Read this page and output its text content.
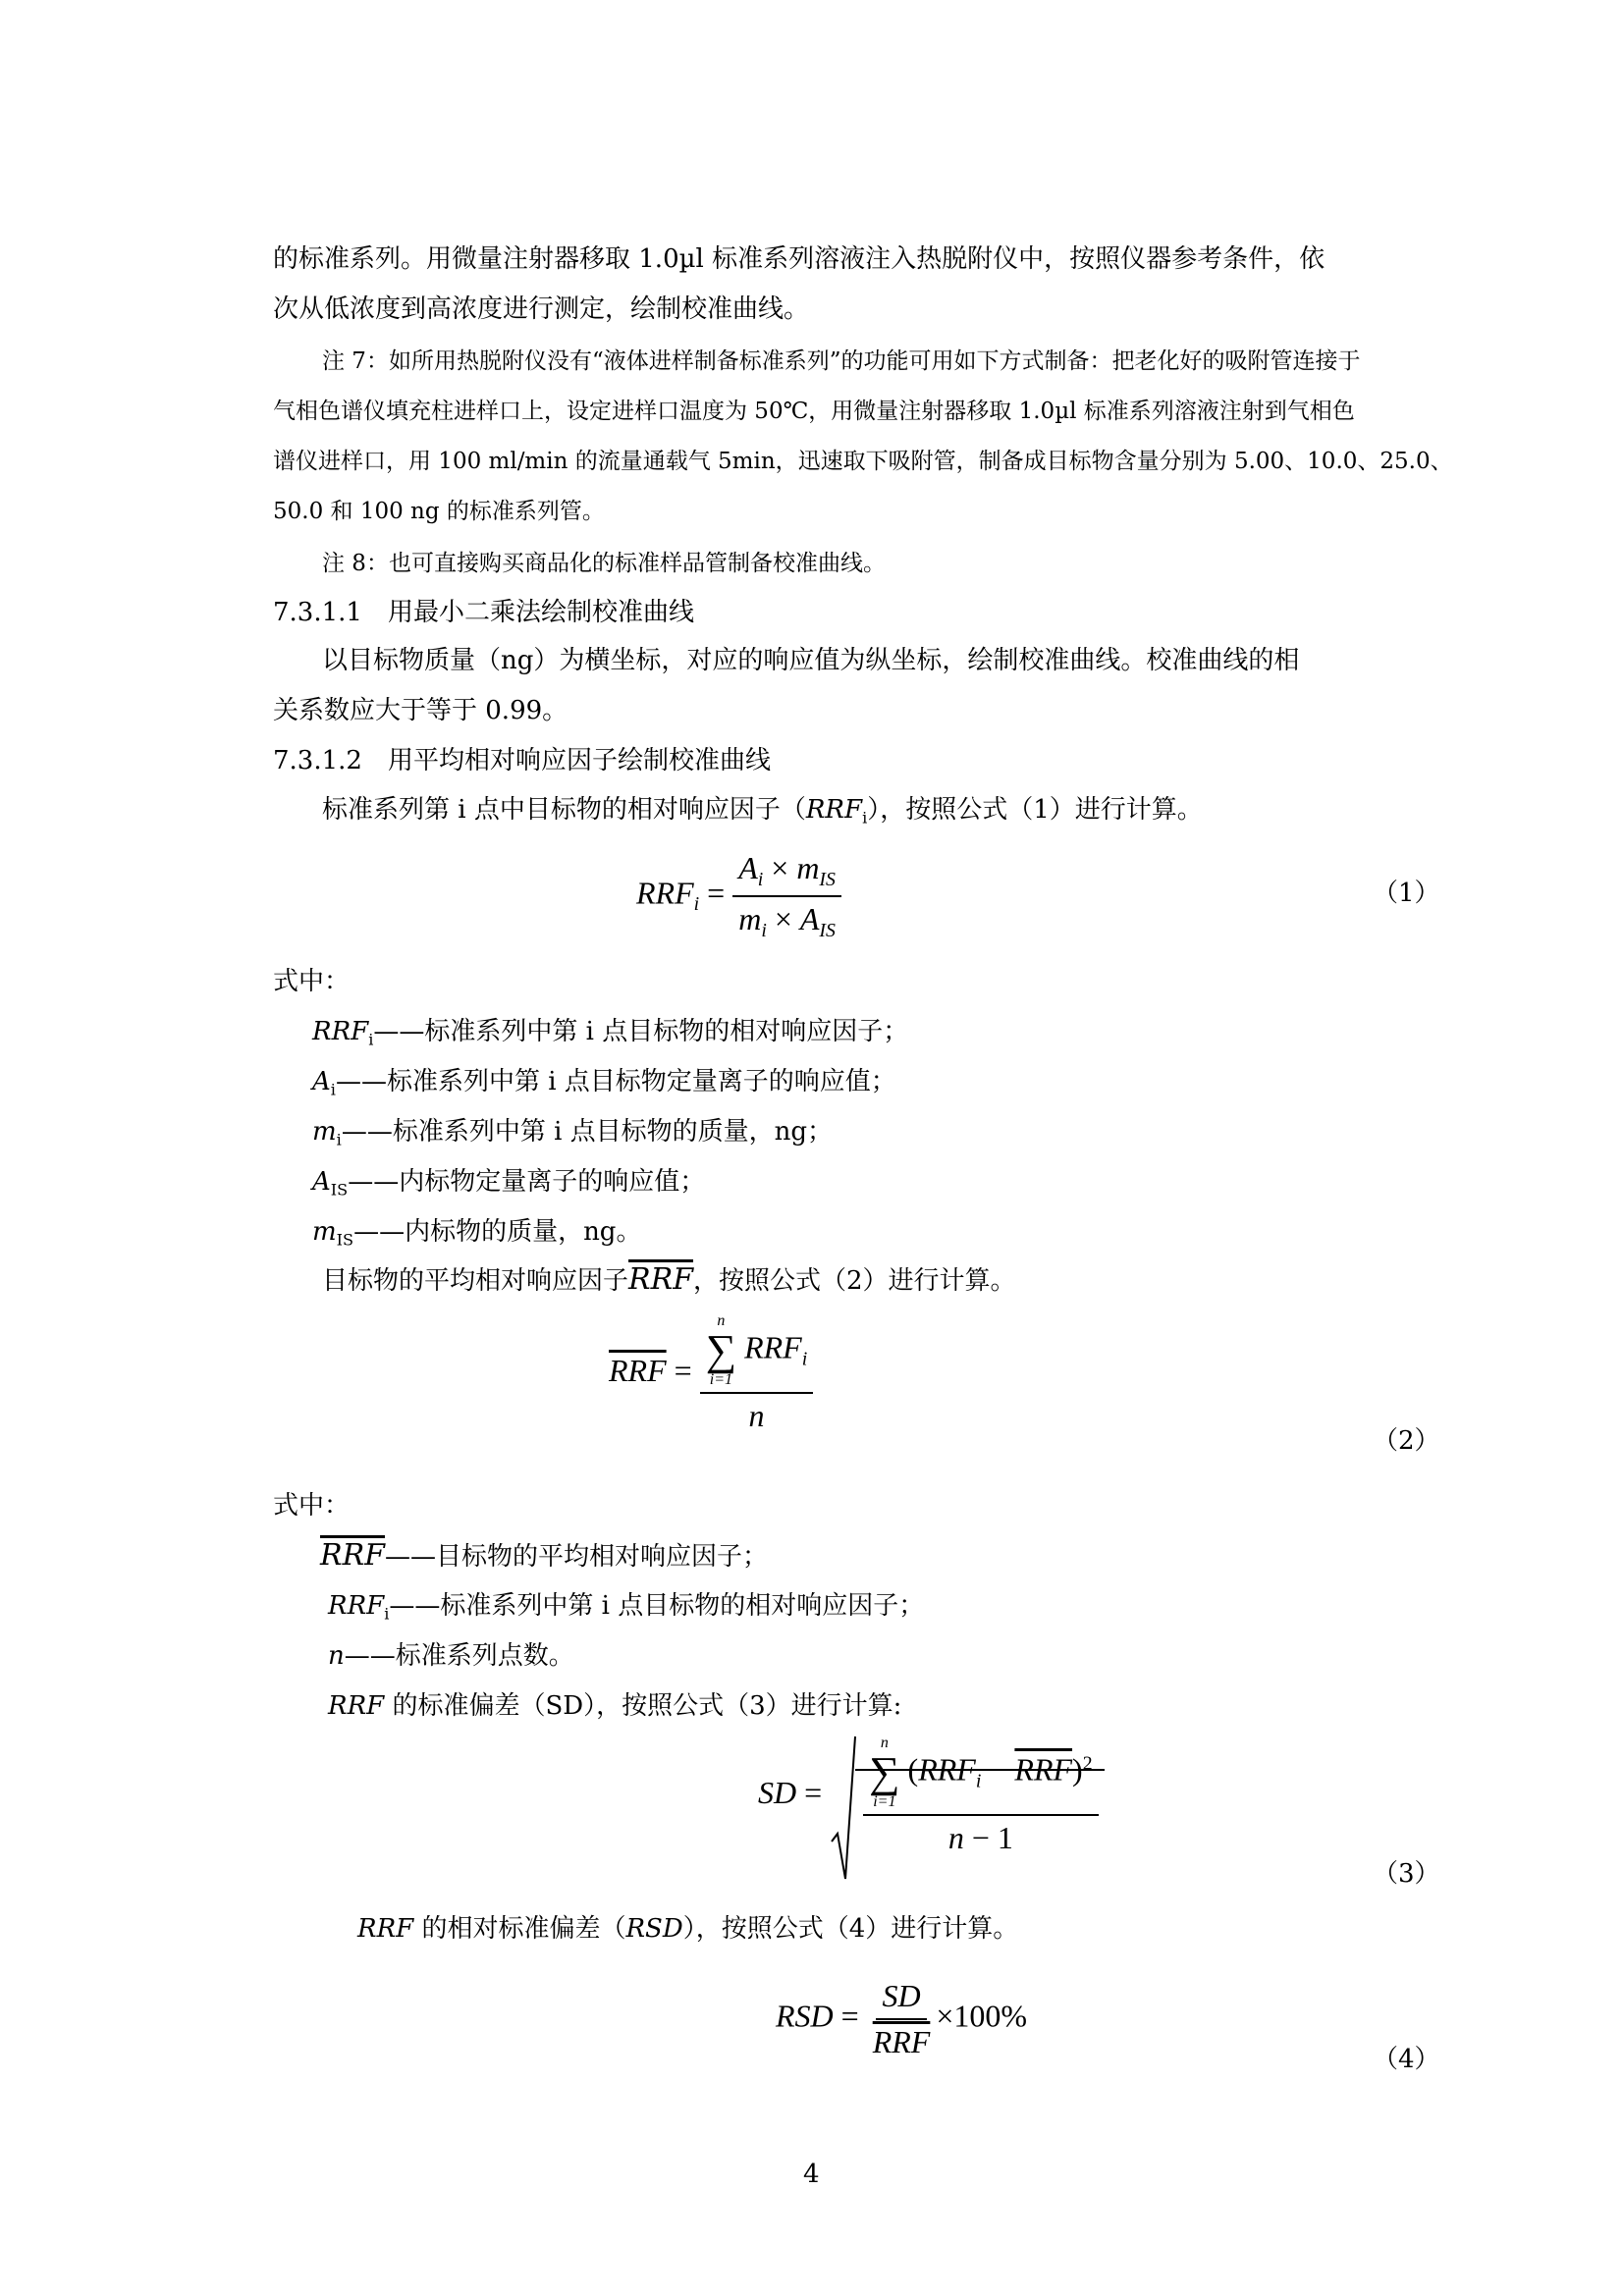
的标准系列。用微量注射器移取 1.0µl 标准系列溶液注入热脱附仪中，按照仪器参考条件，依
次从低浓度到高浓度进行测定，绘制校准曲线。
注 7：如所用热脱附仪没有“液体进样制备标准系列”的功能可用如下方式制备：把老化好的吸附管连接于
气相色谱仪填充柱进样口上，设定进样口温度为 50℃，用微量注射器移取 1.0µl 标准系列溶液注射到气相色
谱仪进样口，用 100 ml/min 的流量通载气 5min，迅速取下吸附管，制备成目标物含量分别为 5.00、10.0、25.0、
50.0 和 100 ng 的标准系列管。
注 8：也可直接购买商品化的标准样品管制备校准曲线。
7.3.1.1　用最小二乘法绘制校准曲线
以目标物质量（ng）为横坐标，对应的响应值为纵坐标，绘制校准曲线。校准曲线的相
关系数应大于等于 0.99。
7.3.1.2　用平均相对响应因子绘制校准曲线
标准系列第 i 点中目标物的相对响应因子$(RRF_i)$，按照公式（1）进行计算。
$RRF_i = \frac{A_i \times m_{IS}}{m_i \times A_{IS}}$	（1）
式中：
$RRF_i——$标准系列中第 i 点目标物的相对响应因子；
$A_i——$标准系列中第 i 点目标物定量离子的响应值；
$m_i——$标准系列中第 i 点目标物的质量，ng；
$A_{IS}——$内标物定量离子的响应值；
$m_{IS}——$内标物的质量，ng。
目标物的平均相对响应因子$\overline{RRF}$，按照公式（2）进行计算。
$\overline{RRF} = n$
∑
i=1
$RRF_i$
n
（2）
式中：
$\overline{RRF}——$目标物的平均相对响应因子；
$RRF_i——$标准系列中第 i 点目标物的相对响应因子；
n——标准系列点数。
RRF 的标准偏差（SD），按照公式（3）进行计算:
SD =
n
∑
i=1
$(RRF_i - \overline{RRF})^2$
n − 1
（3）
RRF 的相对标准偏差（RSD），按照公式（4）进行计算。
RSD = $\frac{SD}{\text{RRF}} \times 100\%$
（4）
4
